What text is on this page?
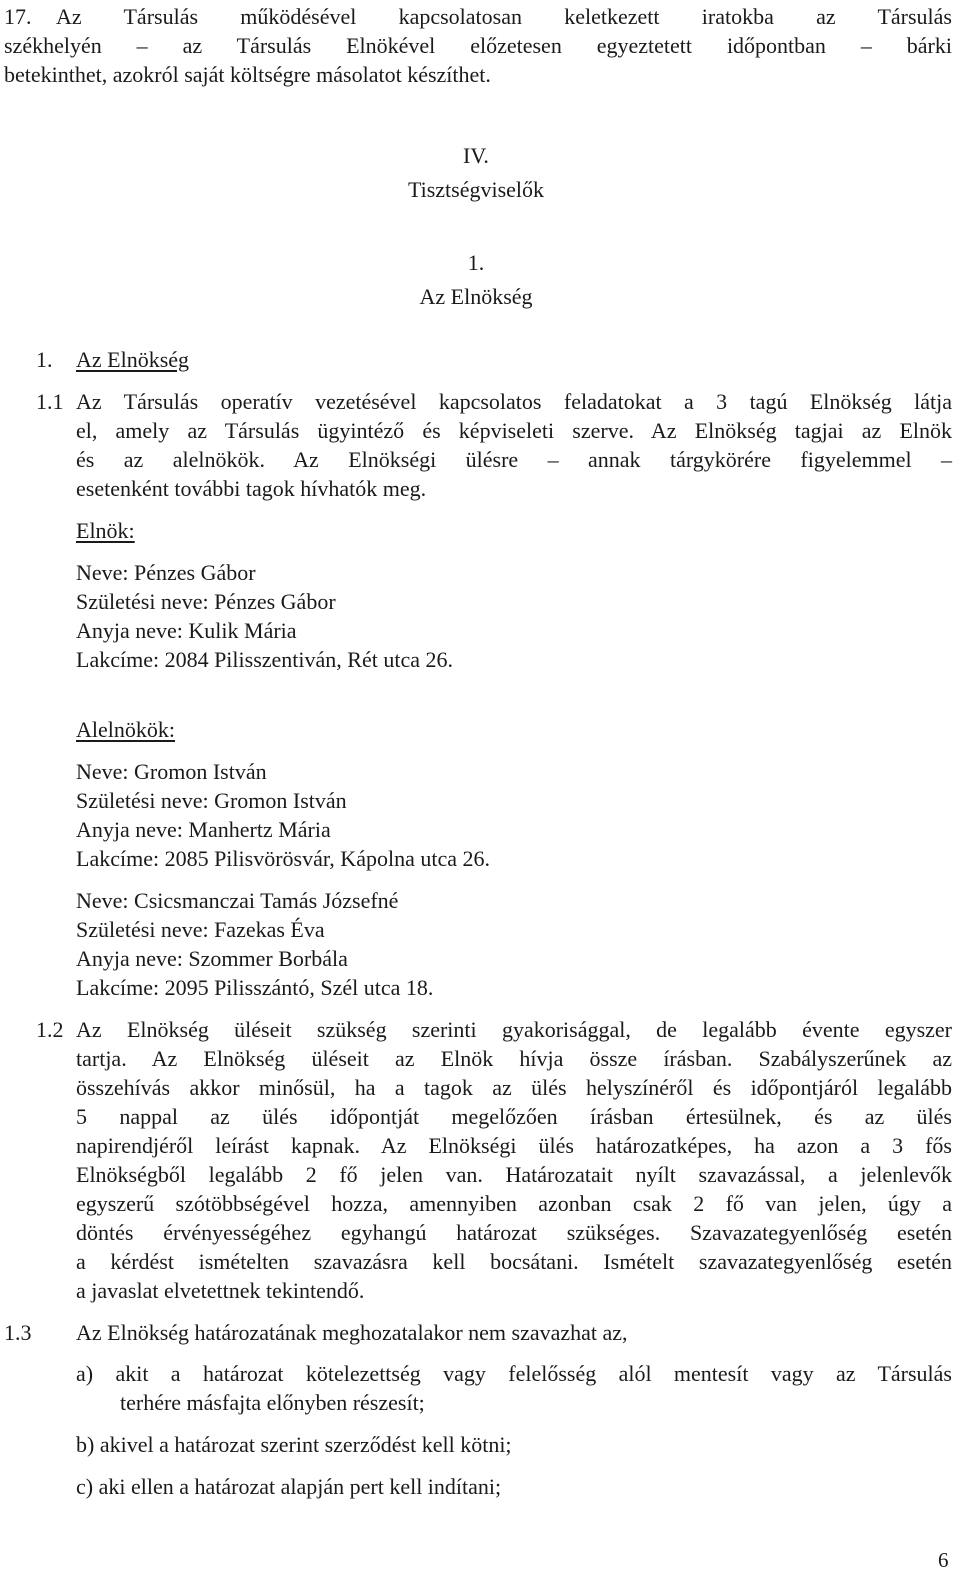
17. Az Társulás működésével kapcsolatosan keletkezett iratokba az Társulás
székhelyén – az Társulás Elnökével előzetesen egyeztetett időpontban – bárki
betekinthet, azokról saját költségre másolatot készíthet.
IV.
Tisztségviselők
1.
Az Elnökség
1. Az Elnökség
1.1 Az Társulás operatív vezetésével kapcsolatos feladatokat a 3 tagú Elnökség látja
el, amely az Társulás ügyintéző és képviseleti szerve. Az Elnökség tagjai az Elnök
és az alelnökök. Az Elnökségi ülésre – annak tárgykörére figyelemmel –
esetenként további tagok hívhatók meg.
Elnök:
Neve: Pénzes Gábor
Születési neve: Pénzes Gábor
Anyja neve: Kulik Mária
Lakcíme: 2084 Pilisszentiván, Rét utca 26.
Alelnökök:
Neve: Gromon István
Születési neve: Gromon István
Anyja neve: Manhertz Mária
Lakcíme: 2085 Pilisvörösvár, Kápolna utca 26.
Neve: Csicsmanczai Tamás Józsefné
Születési neve: Fazekas Éva
Anyja neve: Szommer Borbála
Lakcíme: 2095 Pilisszántó, Szél utca 18.
1.2 Az Elnökség üléseit szükség szerinti gyakorisággal, de legalább évente egyszer
tartja. Az Elnökség üléseit az Elnök hívja össze írásban. Szabályszerűnek az
összehívás akkor minősül, ha a tagok az ülés helyszínéről és időpontjáról legalább
5 nappal az ülés időpontját megelőzően írásban értesülnek, és az ülés
napirendjéről leírást kapnak. Az Elnökségi ülés határozatképes, ha azon a 3 fős
Elnökségből legalább 2 fő jelen van. Határozatait nyílt szavazással, a jelenlevők
egyszerű szótöbbségével hozza, amennyiben azonban csak 2 fő van jelen, úgy a
döntés érvényességéhez egyhangú határozat szükséges. Szavazategyenlőség esetén
a kérdést ismételten szavazásra kell bocsátani. Ismételt szavazategyenlőség esetén
a javaslat elvetettnek tekintendő.
1.3 Az Elnökség határozatának meghozatalakor nem szavazhat az,
a) akit a határozat kötelezettség vagy felelősség alól mentesít vagy az Társulás
terhére másfajta előnyben részesít;
b) akivel a határozat szerint szerződést kell kötni;
c) aki ellen a határozat alapján pert kell indítani;
6
